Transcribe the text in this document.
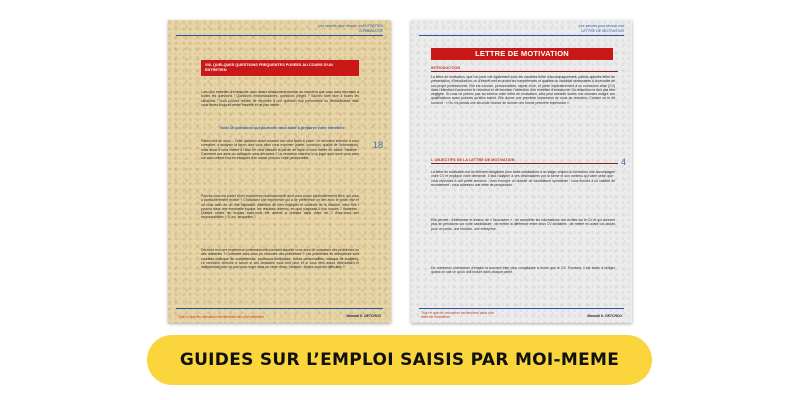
Les secrets pour réussir un ENTRETIEN D'EMBAUCHE
VIII- QUELQUES QUESTIONS FREQUENTES POSEES AU COURS D'UN ENTRETIEN
Lors d'un entretien d'embauche vous devez absolument montrer au recruteur que vous avez réponses à toutes les questions ! Questions embarrassantes, questions pièges ? Sachez faire face à toutes les situations ! Vous pouvez refuser de répondre à une question trop personnelle ou déstabilisante mais vous devez toujours rester honnête et ne pas mentir.
Voici 10 questions qui pourront vous aider à préparer votre entretien :
Parlez-moi de vous… Cette question arrive souvent car c'est facile à poser : le recruteur cherche à vous connaître, à analyser la façon dont vous allez vous exprimer (clarté, concision, qualité de l'information), mais aussi à vous mettre à l'aise en vous laissant la parole de façon à vous mettre en valeur. Variante : Comment vos amis ou collègues vous décrivent ? Le recruteur cherche ici à juger quel recul vous avez sur vous-même tout en essayant d'en savoir plus sur votre personnalité.
Pouvez-vous me parler d'une expérience professionnelle dont vous soyez particulièrement fière, qui vous a particulièrement motivé ? Choisissez une expérience qui a de préférence un lien avec le poste visé et où vous avez eu un rôle important. Attention de bien expliquer le contexte de la mission, votre rôle / pouvoir dans une éventuelle équipe, les résultats obtenus, en quoi s'agissait-il d'un succès ? Variantes : Quelles sortes de risques avez-vous été amené à prendre dans votre vie ? Avez-vous des responsabilités ? Si oui, lesquelles ?
Décrivez moi une expérience professionnelle pendant laquelle vous avez dû surpasser des problèmes ou des obstacles ? Comment avez-vous pu résoudre ces problèmes ? Les problèmes en entreprises sont courants (manque de compétences, processus inefficaces, forces personnalités, manque de budgets). Le recruteur cherche à savoir si ces obstacles vous font peur et si vous êtes assez débrouillard et indépendant pour ne pas vous noyer dans un verre d'eau. Variante : Aimez-vous les difficultés ?
18
Tout ce que les recruteurs recherchent lors d'un entretien	Mamadi K. DETCHOU
Les secrets pour réussir une LETTRE DE MOTIVATION
LETTRE DE MOTIVATION
INTRODUCTION
La lettre de motivation, que l'on peut voir également sous les vocables lettre d'accompagnement, parfois appelée lettre de présentation, d'introduction, ou d'intérêt met en avant les compétences et qualités du candidat nécessaires à la réussite de son projet professionnel. Elle est concise, personnalisée, rapide à lire, et jointe impérativement à un curriculum vitae (CV) dans l'intention d'accrocher le recruteur et de favoriser l'obtention d'un entretien d'embauche. Sa rédaction ne doit pas être négligée. Si vous ne prenez pas au sérieux votre lettre de motivation, cela peut anéantir toutes vos chances malgré vos qualifications aussi poinues qu'elles soient. Elle donne une première impression de vous au recruteur. Comme on le dit souvent : « On n'a jamais une seconde chance de donner une bonne première impression ».
I- OBJECTIFS DE LA LETTRE DE MOTIVATION
La lettre de motivation est un élément obligatoire pour toute candidature à un stage, emploi ou formation, elle accompagne votre CV et explique votre demande. Il faut l'adapter à ses destinataires par la forme et son contenu qui varie selon que : vous répondez à une petite annonce ; vous envoyez un dossier de candidature spontanée ; vous écrivez à un cabinet de recrutement ; vous adressez une lettre de prospection.
Elle permet : d'intéresser le lecteur, de « l'accrocher » ; de compléter les informations non écrites sur le CV et qui donnent plus de précisions sur votre candidature ; de mettre la différence entre deux CV similaires ; de mettre en avant vos atouts pour un poste, une fonction, une entreprise.
De nombreux chercheurs d'emploi la trouvent bien plus compliquée à écrire que le CV. Pourtant, il est facile à rédiger quand on sait ce qu'on doit inclure dans chaque partie.
4
Tout ce que les recruteurs recherchent dans une lettre de motivation	Mamadi K. DETCHOU
GUIDES SUR L’EMPLOI SAISIS PAR MOI-MEME
